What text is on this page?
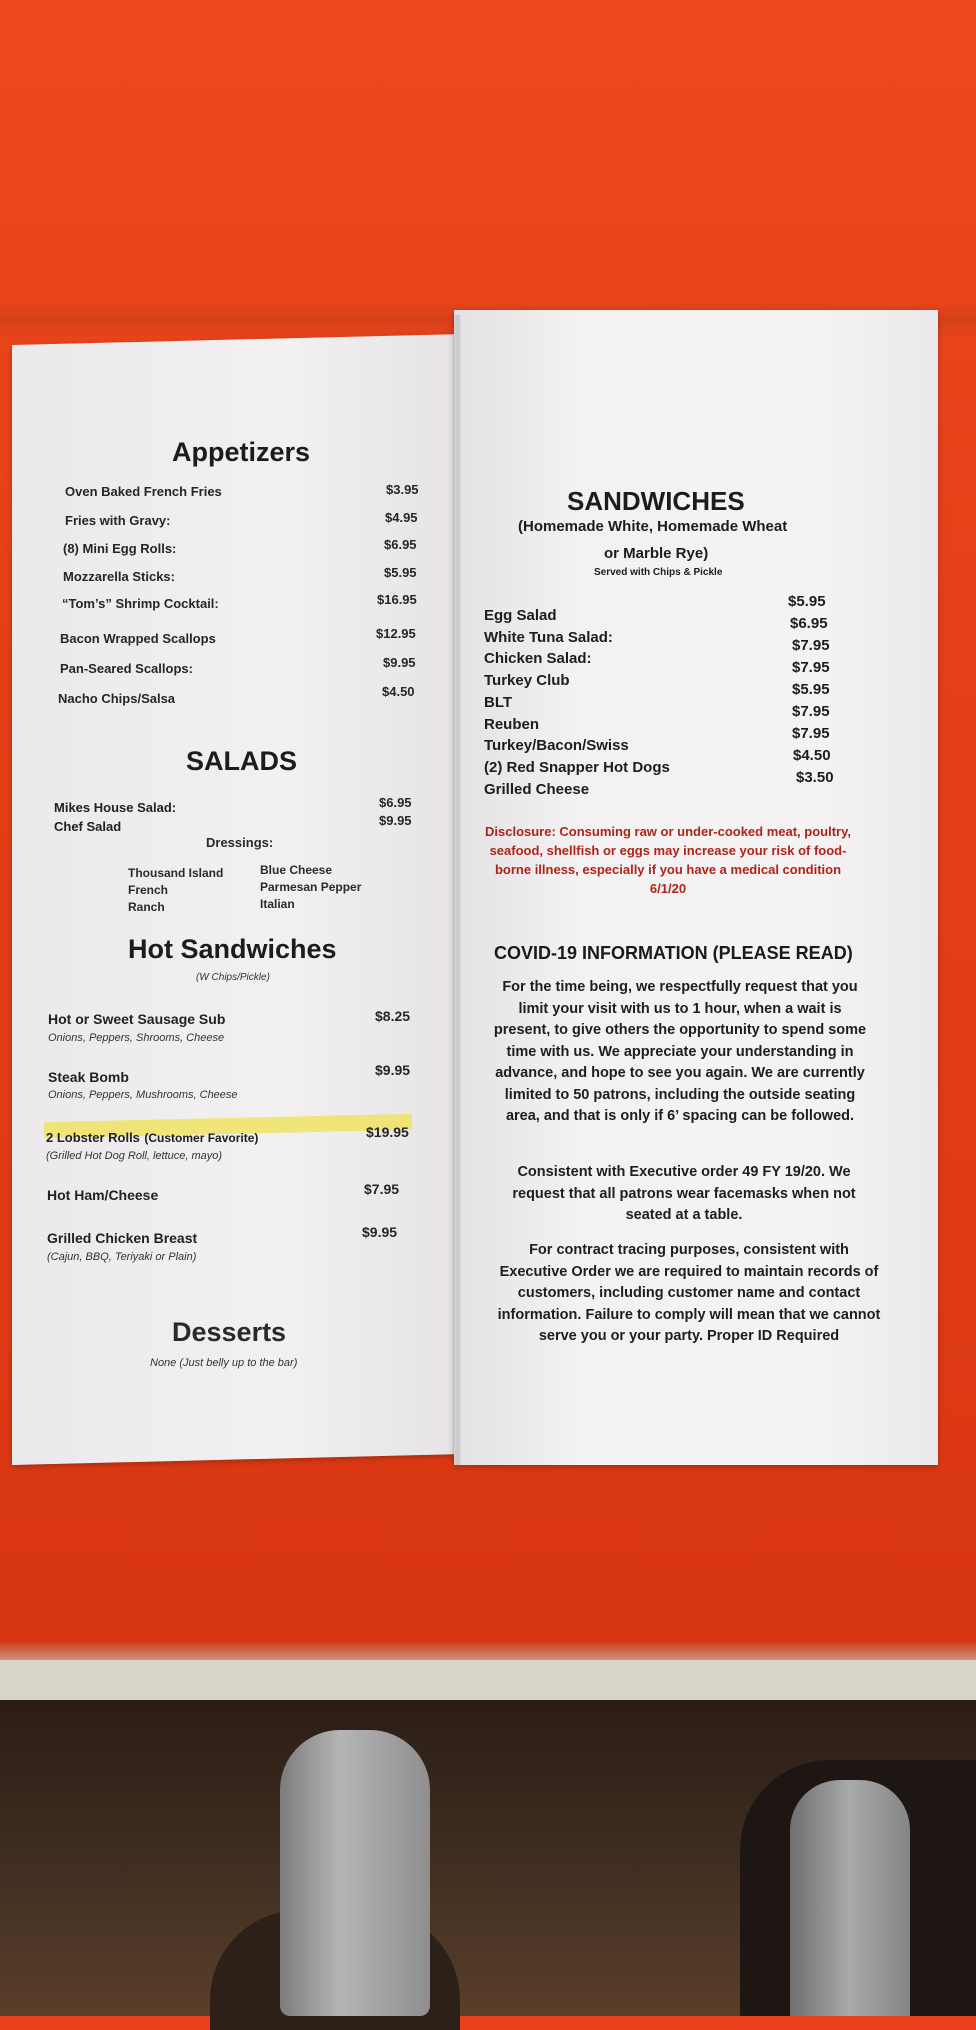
Appetizers
Oven Baked French Fries	$3.95
Fries with Gravy:	$4.95
(8) Mini Egg Rolls:	$6.95
Mozzarella Sticks:	$5.95
“Tom’s” Shrimp Cocktail:	$16.95
Bacon Wrapped Scallops	$12.95
Pan-Seared Scallops:	$9.95
Nacho Chips/Salsa	$4.50
SALADS
Mikes House Salad:	$6.95
Chef Salad	$9.95
Dressings:
Thousand Island
French
Ranch
Blue Cheese
Parmesan Pepper
Italian
Hot Sandwiches
(W Chips/Pickle)
Hot or Sweet Sausage Sub
Onions, Peppers, Shrooms, Cheese
$8.25
Steak Bomb
Onions, Peppers, Mushrooms, Cheese
$9.95
2 Lobster Rolls (Customer Favorite)
(Grilled Hot Dog Roll, lettuce, mayo)
$19.95
Hot Ham/Cheese	$7.95
Grilled Chicken Breast
(Cajun, BBQ, Teriyaki or Plain)
$9.95
Desserts
None (Just belly up to the bar)
SANDWICHES
(Homemade White, Homemade Wheat
or Marble Rye)
Served with Chips & Pickle
Egg Salad
$5.95
White Tuna Salad:
$6.95
Chicken Salad:
$7.95
Turkey Club
$7.95
BLT
$5.95
Reuben
$7.95
Turkey/Bacon/Swiss
$7.95
(2) Red Snapper Hot Dogs
$4.50
Grilled Cheese
$3.50
Disclosure: Consuming raw or under-cooked meat, poultry, seafood, shellfish or eggs may increase your risk of food-borne illness, especially if you have a medical condition 6/1/20
COVID-19 INFORMATION (PLEASE READ)
For the time being, we respectfully request that you limit your visit with us to 1 hour, when a wait is present, to give others the opportunity to spend some time with us. We appreciate your understanding in advance, and hope to see you again. We are currently limited to 50 patrons, including the outside seating area, and that is only if 6’ spacing can be followed.
Consistent with Executive order 49 FY 19/20. We request that all patrons wear facemasks when not seated at a table.
For contract tracing purposes, consistent with Executive Order we are required to maintain records of customers, including customer name and contact information. Failure to comply will mean that we cannot serve you or your party. Proper ID Required
